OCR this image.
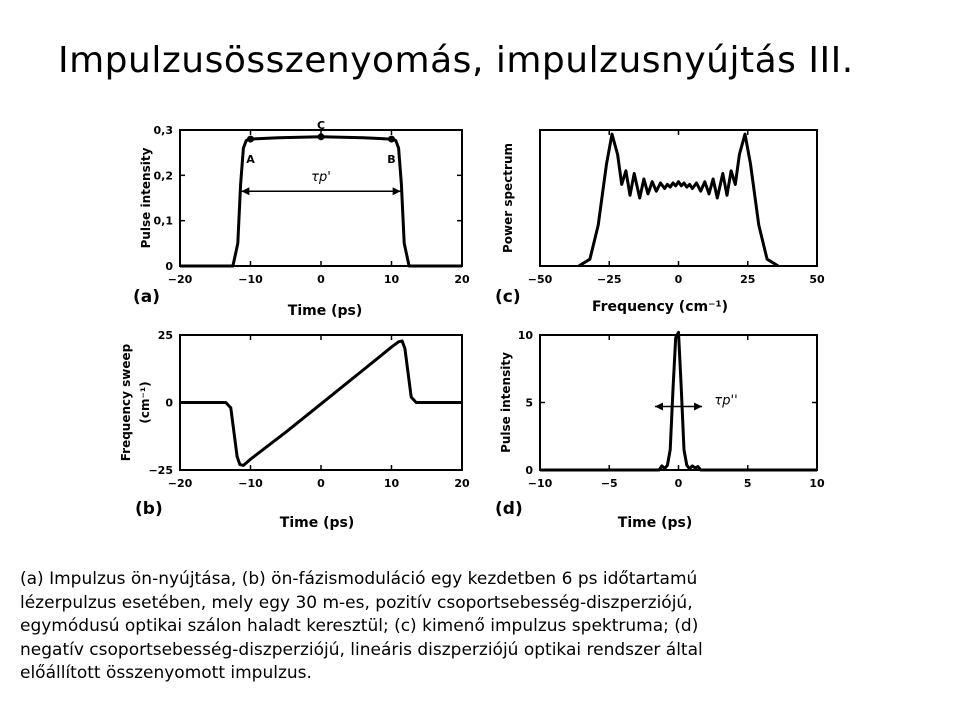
Impulzusösszenyomás, impulzusnyújtás III.
−20	−10	0	10	20
0
0,1
0,2
0,3
A
C
B
τp'
Time (ps)
(a)
Pulse intensity
−20	−10	0	10	20
−25
0
25
Time (ps)
(b)
Frequency sweep (cm⁻¹)
−50	−25	0	25	50
Frequency (cm⁻¹)
(c)
Power spectrum
−10	−5	0	5	10
0
5
10
τp''
Time (ps)
(d)
Pulse intensity
(a) Impulzus ön-nyújtása, (b) ön-fázismoduláció egy kezdetben 6 ps időtartamú
lézerpulzus esetében, mely egy 30 m-es, pozitív csoportsebesség-diszperziójú,
egymódusú optikai szálon haladt keresztül; (c) kimenő impulzus spektruma; (d)
negatív csoportsebesség-diszperziójú, lineáris diszperziójú optikai rendszer által
előállított összenyomott impulzus.
